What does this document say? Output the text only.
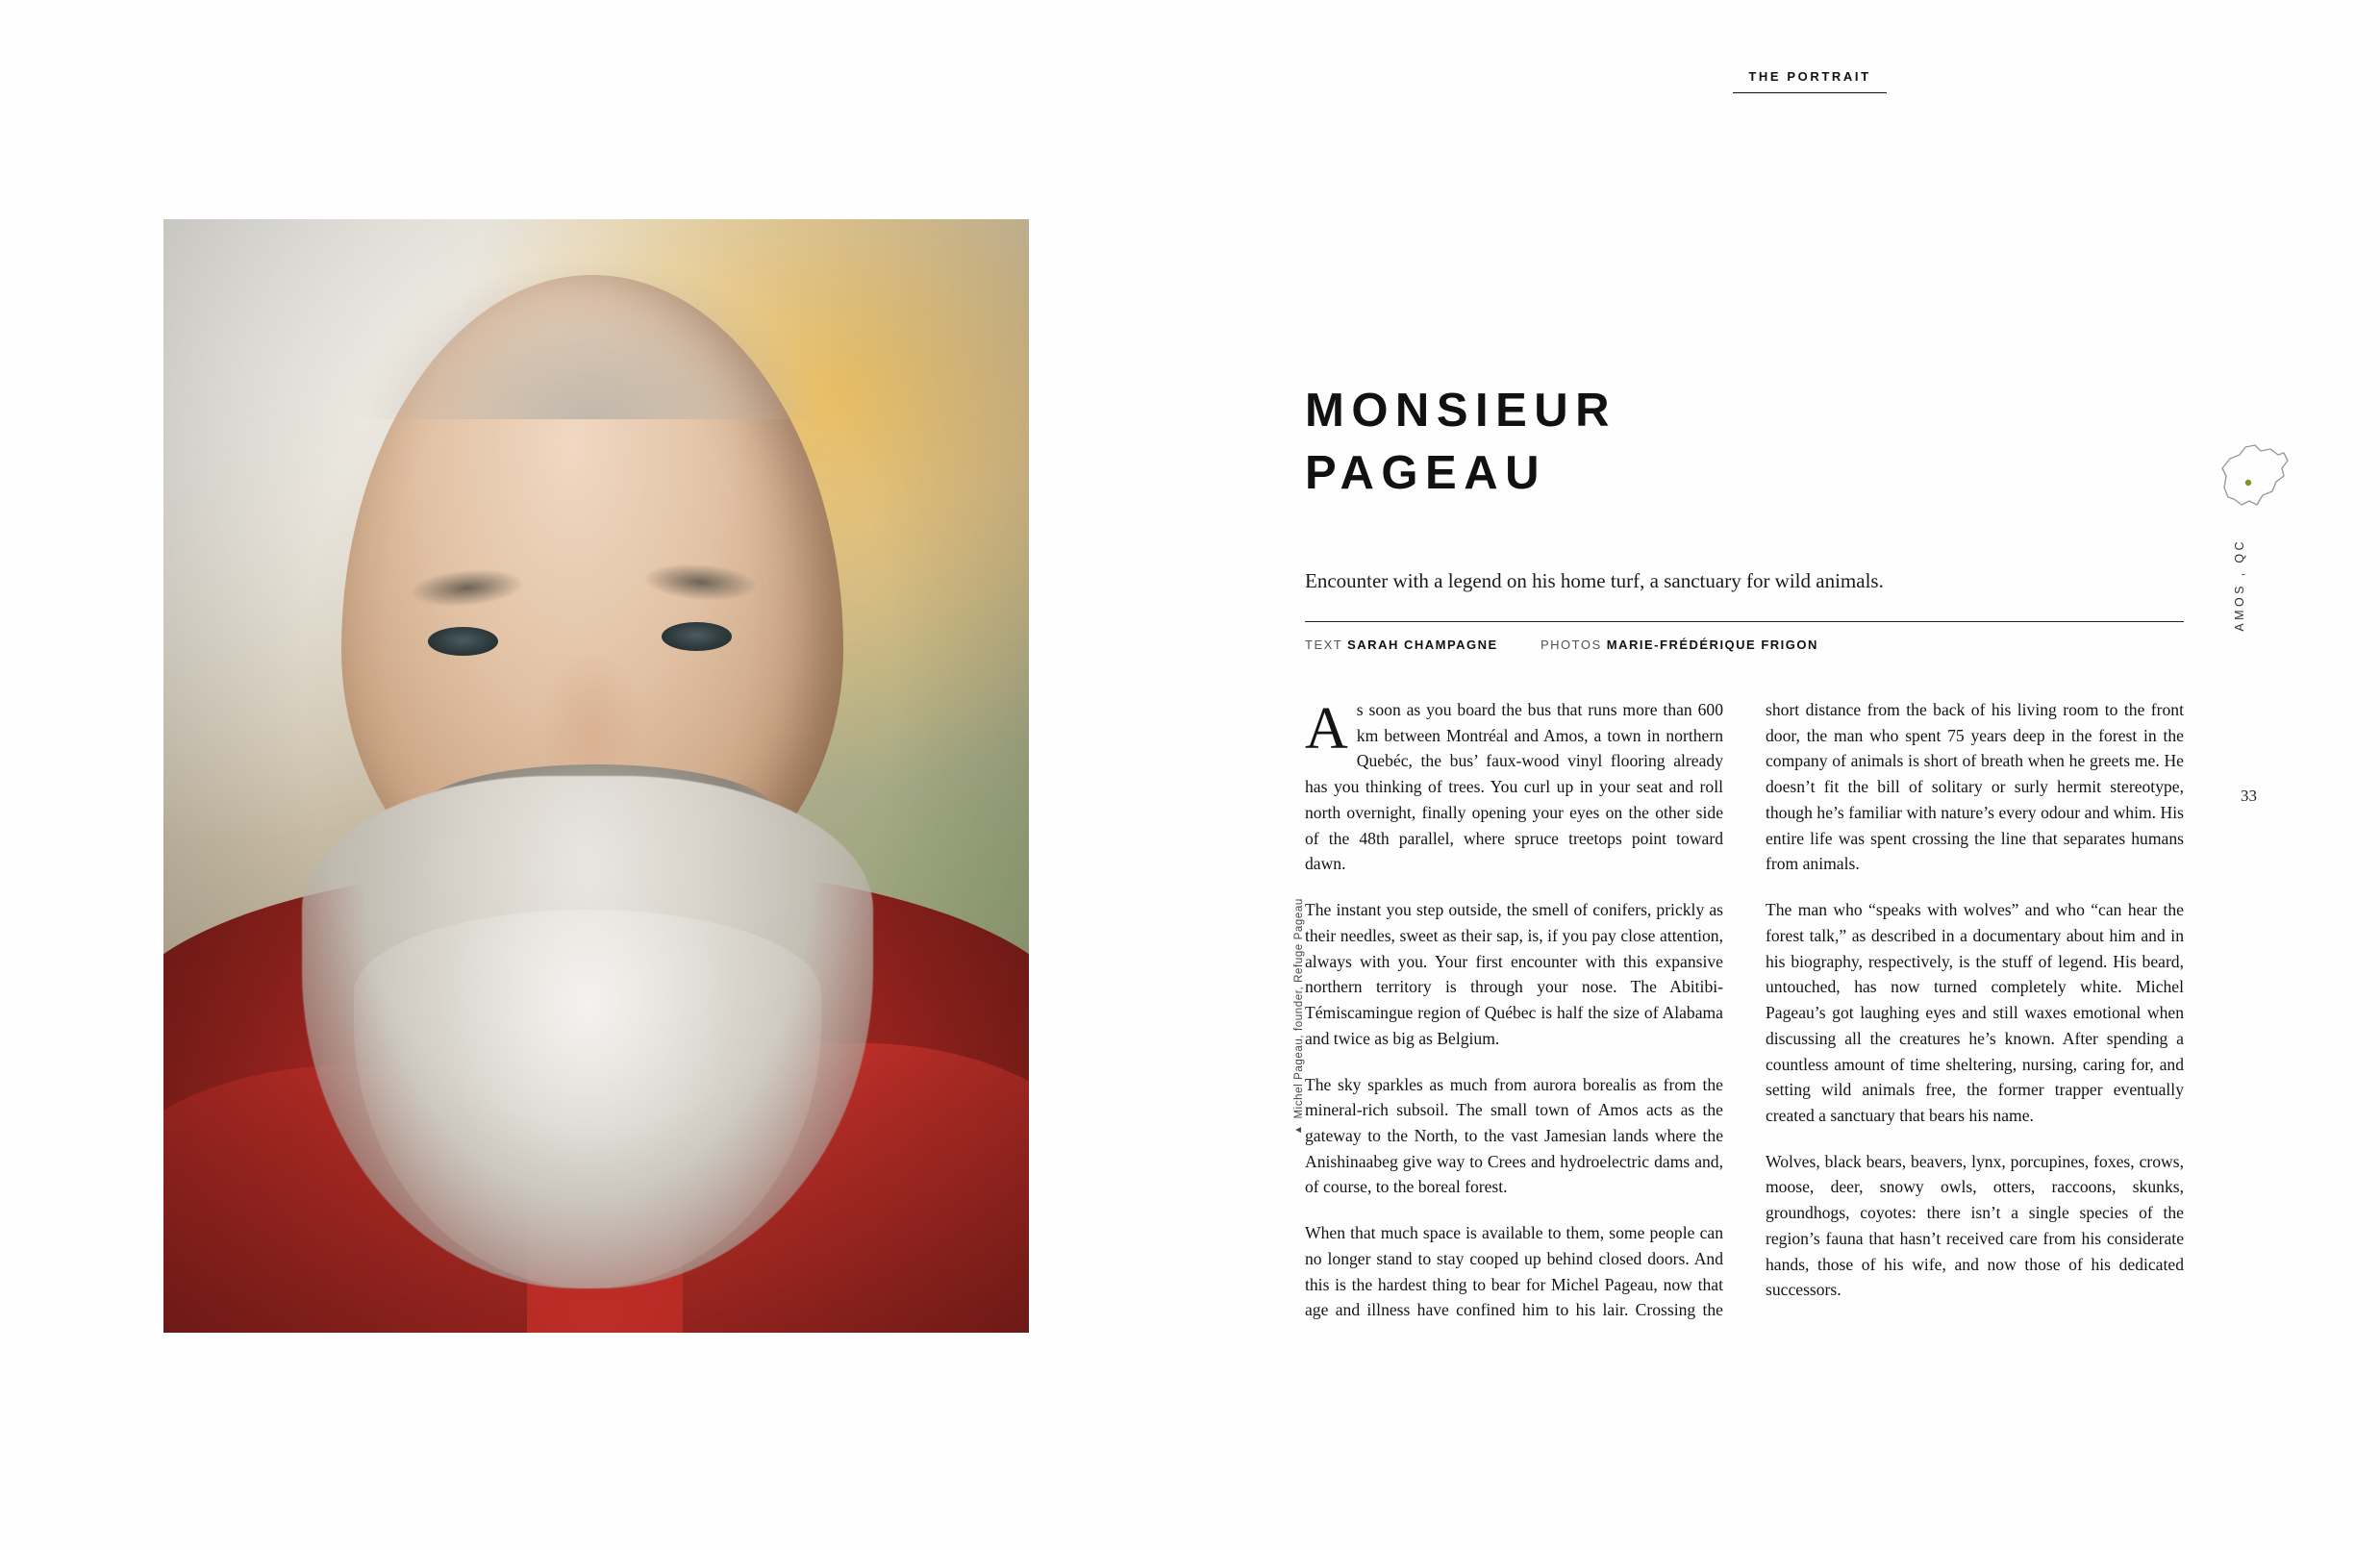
THE PORTRAIT
▲Michel Pageau, founder, Refuge Pageau
MONSIEUR
PAGEAU
Encounter with a legend on his home turf, a sanctuary for wild animals.
TEXT SARAH CHAMPAGNE	PHOTOS MARIE-FRÉDÉRIQUE FRIGON

As soon as you board the bus that runs more than 600 km between Montréal and Amos, a town in northern Quebéc, the bus’ faux-wood vinyl flooring already has you thinking of trees. You curl up in your seat and roll north overnight, finally opening your eyes on the other side of the 48th parallel, where spruce treetops point toward dawn.

The instant you step outside, the smell of conifers, prickly as their needles, sweet as their sap, is, if you pay close attention, always with you. Your first encounter with this expansive northern territory is through your nose. The Abitibi-Témiscamingue region of Québec is half the size of Alabama and twice as big as Belgium.

The sky sparkles as much from aurora borealis as from the mineral-rich subsoil. The small town of Amos acts as the gateway to the North, to the vast Jamesian lands where the Anishinaabeg give way to Crees and hydroelectric dams and, of course, to the boreal forest.

When that much space is available to them, some people can no longer stand to stay cooped up behind closed doors. And this is the hardest thing to bear for Michel Pageau, now that age and illness have confined him to his lair. Crossing the short distance from the back of his living room to the front door, the man who spent 75 years deep in the forest in the company of animals is short of breath when he greets me. He doesn’t fit the bill of solitary or surly hermit stereotype, though he’s familiar with nature’s every odour and whim. His entire life was spent crossing the line that separates humans from animals.

The man who “speaks with wolves” and who “can hear the forest talk,” as described in a documentary about him and in his biography, respectively, is the stuff of legend. His beard, untouched, has now turned completely white. Michel Pageau’s got laughing eyes and still waxes emotional when discussing all the creatures he’s known. After spending a countless amount of time sheltering, nursing, caring for, and setting wild animals free, the former trapper eventually created a sanctuary that bears his name.

Wolves, black bears, beavers, lynx, porcupines, foxes, crows, moose, deer, snowy owls, otters, raccoons, skunks, groundhogs, coyotes: there isn’t a single species of the region’s fauna that hasn’t received care from his considerate hands, those of his wife, and now those of his dedicated successors.

AMOS , QC
33
